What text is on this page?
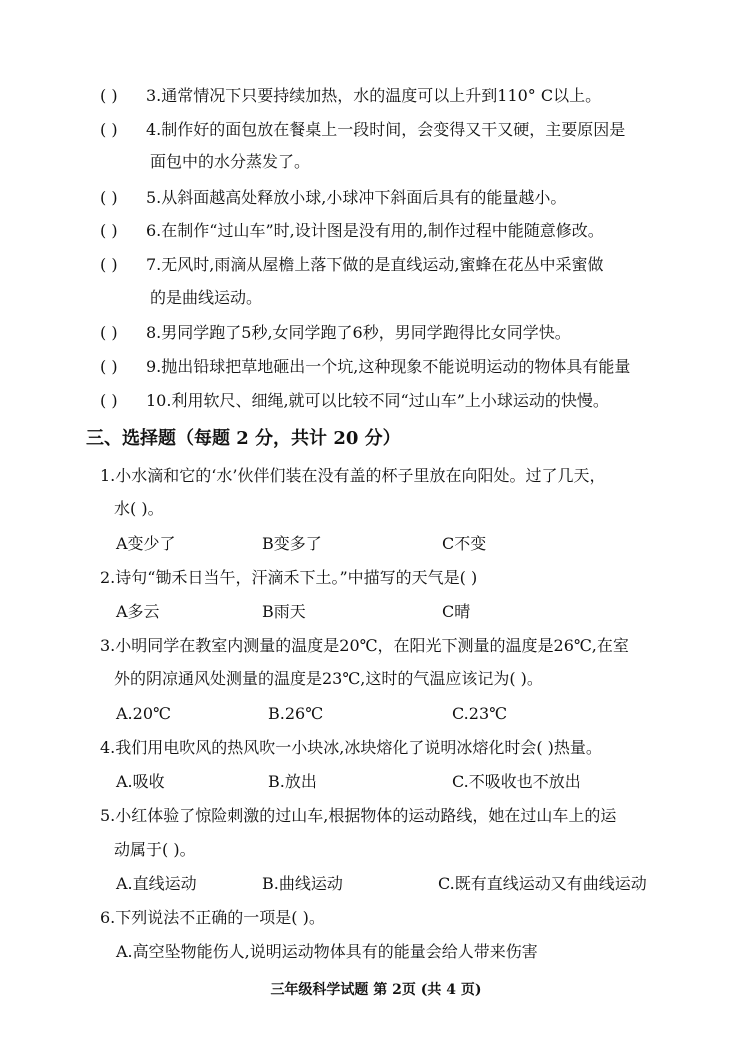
( ) 3.通常情况下只要持续加热，水的温度可以上升到110° C以上。
( ) 4.制作好的面包放在餐桌上一段时间，会变得又干又硬，主要原因是
面包中的水分蒸发了。
( ) 5.从斜面越高处释放小球,小球冲下斜面后具有的能量越小。
( ) 6.在制作“过山车”时,设计图是没有用的,制作过程中能随意修改。
( ) 7.无风时,雨滴从屋檐上落下做的是直线运动,蜜蜂在花丛中采蜜做
的是曲线运动。
( ) 8.男同学跑了5秒,女同学跑了6秒，男同学跑得比女同学快。
( ) 9.抛出铅球把草地砸出一个坑,这种现象不能说明运动的物体具有能量
( ) 10.利用软尺、细绳,就可以比较不同“过山车”上小球运动的快慢。
三、选择题（每题 2 分，共计 20 分）
1.小水滴和它的‘水’伙伴们装在没有盖的杯子里放在向阳处。过了几天，
水( )。
A变少了	B变多了	C不变
2.诗句“锄禾日当午，汗滴禾下土。”中描写的天气是( )
A多云	B雨天	C晴
3.小明同学在教室内测量的温度是20℃，在阳光下测量的温度是26℃,在室
外的阴凉通风处测量的温度是23℃,这时的气温应该记为( )。
A.20℃	B.26℃	C.23℃
4.我们用电吹风的热风吹一小块冰,冰块熔化了说明冰熔化时会( )热量。
A.吸收	B.放出	C.不吸收也不放出
5.小红体验了惊险刺激的过山车,根据物体的运动路线，她在过山车上的运
动属于( )。
A.直线运动	B.曲线运动	C.既有直线运动又有曲线运动
6.下列说法不正确的一项是( )。
A.高空坠物能伤人,说明运动物体具有的能量会给人带来伤害
三年级科学试题 第 2页 (共 4 页)
